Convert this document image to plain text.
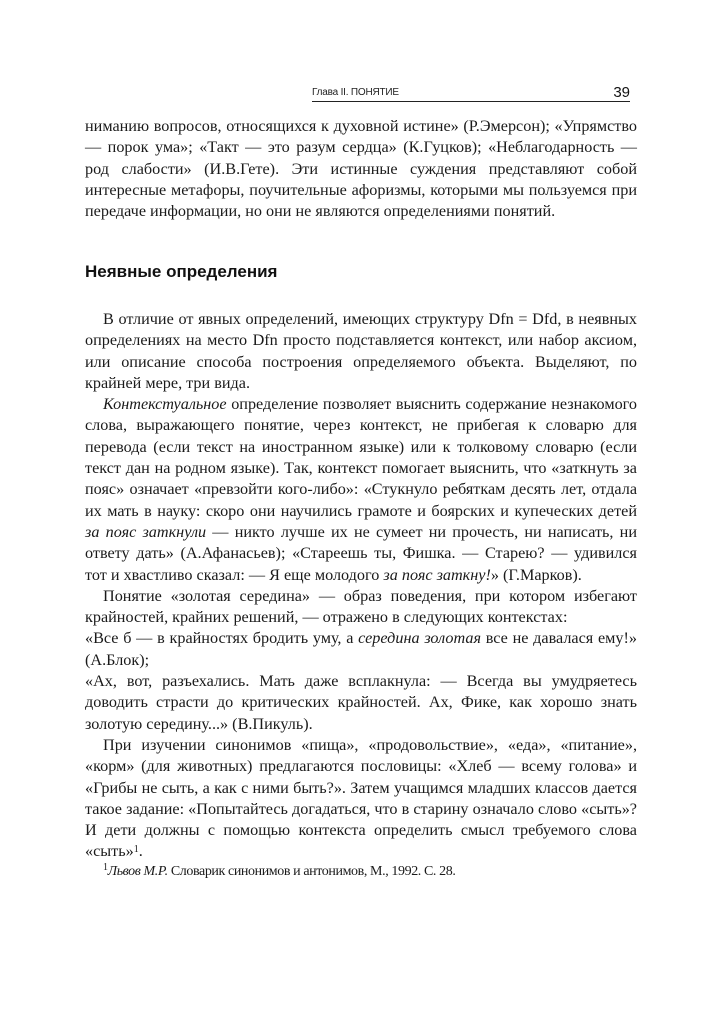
Глава II. ПОНЯТИЕ	39

ниманию вопросов, относящихся к духовной истине» (Р.Эмерсон); «Упрямство — порок ума»; «Такт — это разум сердца» (К.Гуцков); «Неблагодарность — род слабости» (И.В.Гете). Эти истинные суждения представляют собой интересные метафоры, поучительные афоризмы, которыми мы пользуемся при передаче информации, но они не являются определениями понятий.

Неявные определения

В отличие от явных определений, имеющих структуру Dfn = Dfd, в неявных определениях на место Dfn просто подставляется контекст, или набор аксиом, или описание способа построения определяемого объекта. Выделяют, по крайней мере, три вида.

Контекстуальное определение позволяет выяснить содержание незнакомого слова, выражающего понятие, через контекст, не прибегая к словарю для перевода (если текст на иностранном языке) или к толковому словарю (если текст дан на родном языке). Так, контекст помогает выяснить, что «заткнуть за пояс» означает «превзойти кого-либо»: «Стукнуло ребяткам десять лет, отдала их мать в науку: скоро они научились грамоте и боярских и купеческих детей за пояс заткнули — никто лучше их не сумеет ни прочесть, ни написать, ни ответу дать» (А.Афанасьев); «Стареешь ты, Фишка. — Старею? — удивился тот и хвастливо сказал: — Я еще молодого за пояс заткну!» (Г.Марков).

Понятие «золотая середина» — образ поведения, при котором избегают крайностей, крайних решений, — отражено в следующих контекстах:

«Все б — в крайностях бродить уму, а середина золотая все не давалася ему!» (А.Блок);

«Ах, вот, разъехались. Мать даже всплакнула: — Всегда вы умудряетесь доводить страсти до критических крайностей. Ах, Фике, как хорошо знать золотую середину...» (В.Пикуль).

При изучении синонимов «пища», «продовольствие», «еда», «питание», «корм» (для животных) предлагаются пословицы: «Хлеб — всему голова» и «Грибы не сыть, а как с ними быть?». Затем учащимся младших классов дается такое задание: «Попытайтесь догадаться, что в старину означало слово «сыть»? И дети должны с помощью контекста определить смысл требуемого слова «сыть»$^1$.

$^1$Львов М.Р. Словарик синонимов и антонимов, М., 1992. С. 28.
